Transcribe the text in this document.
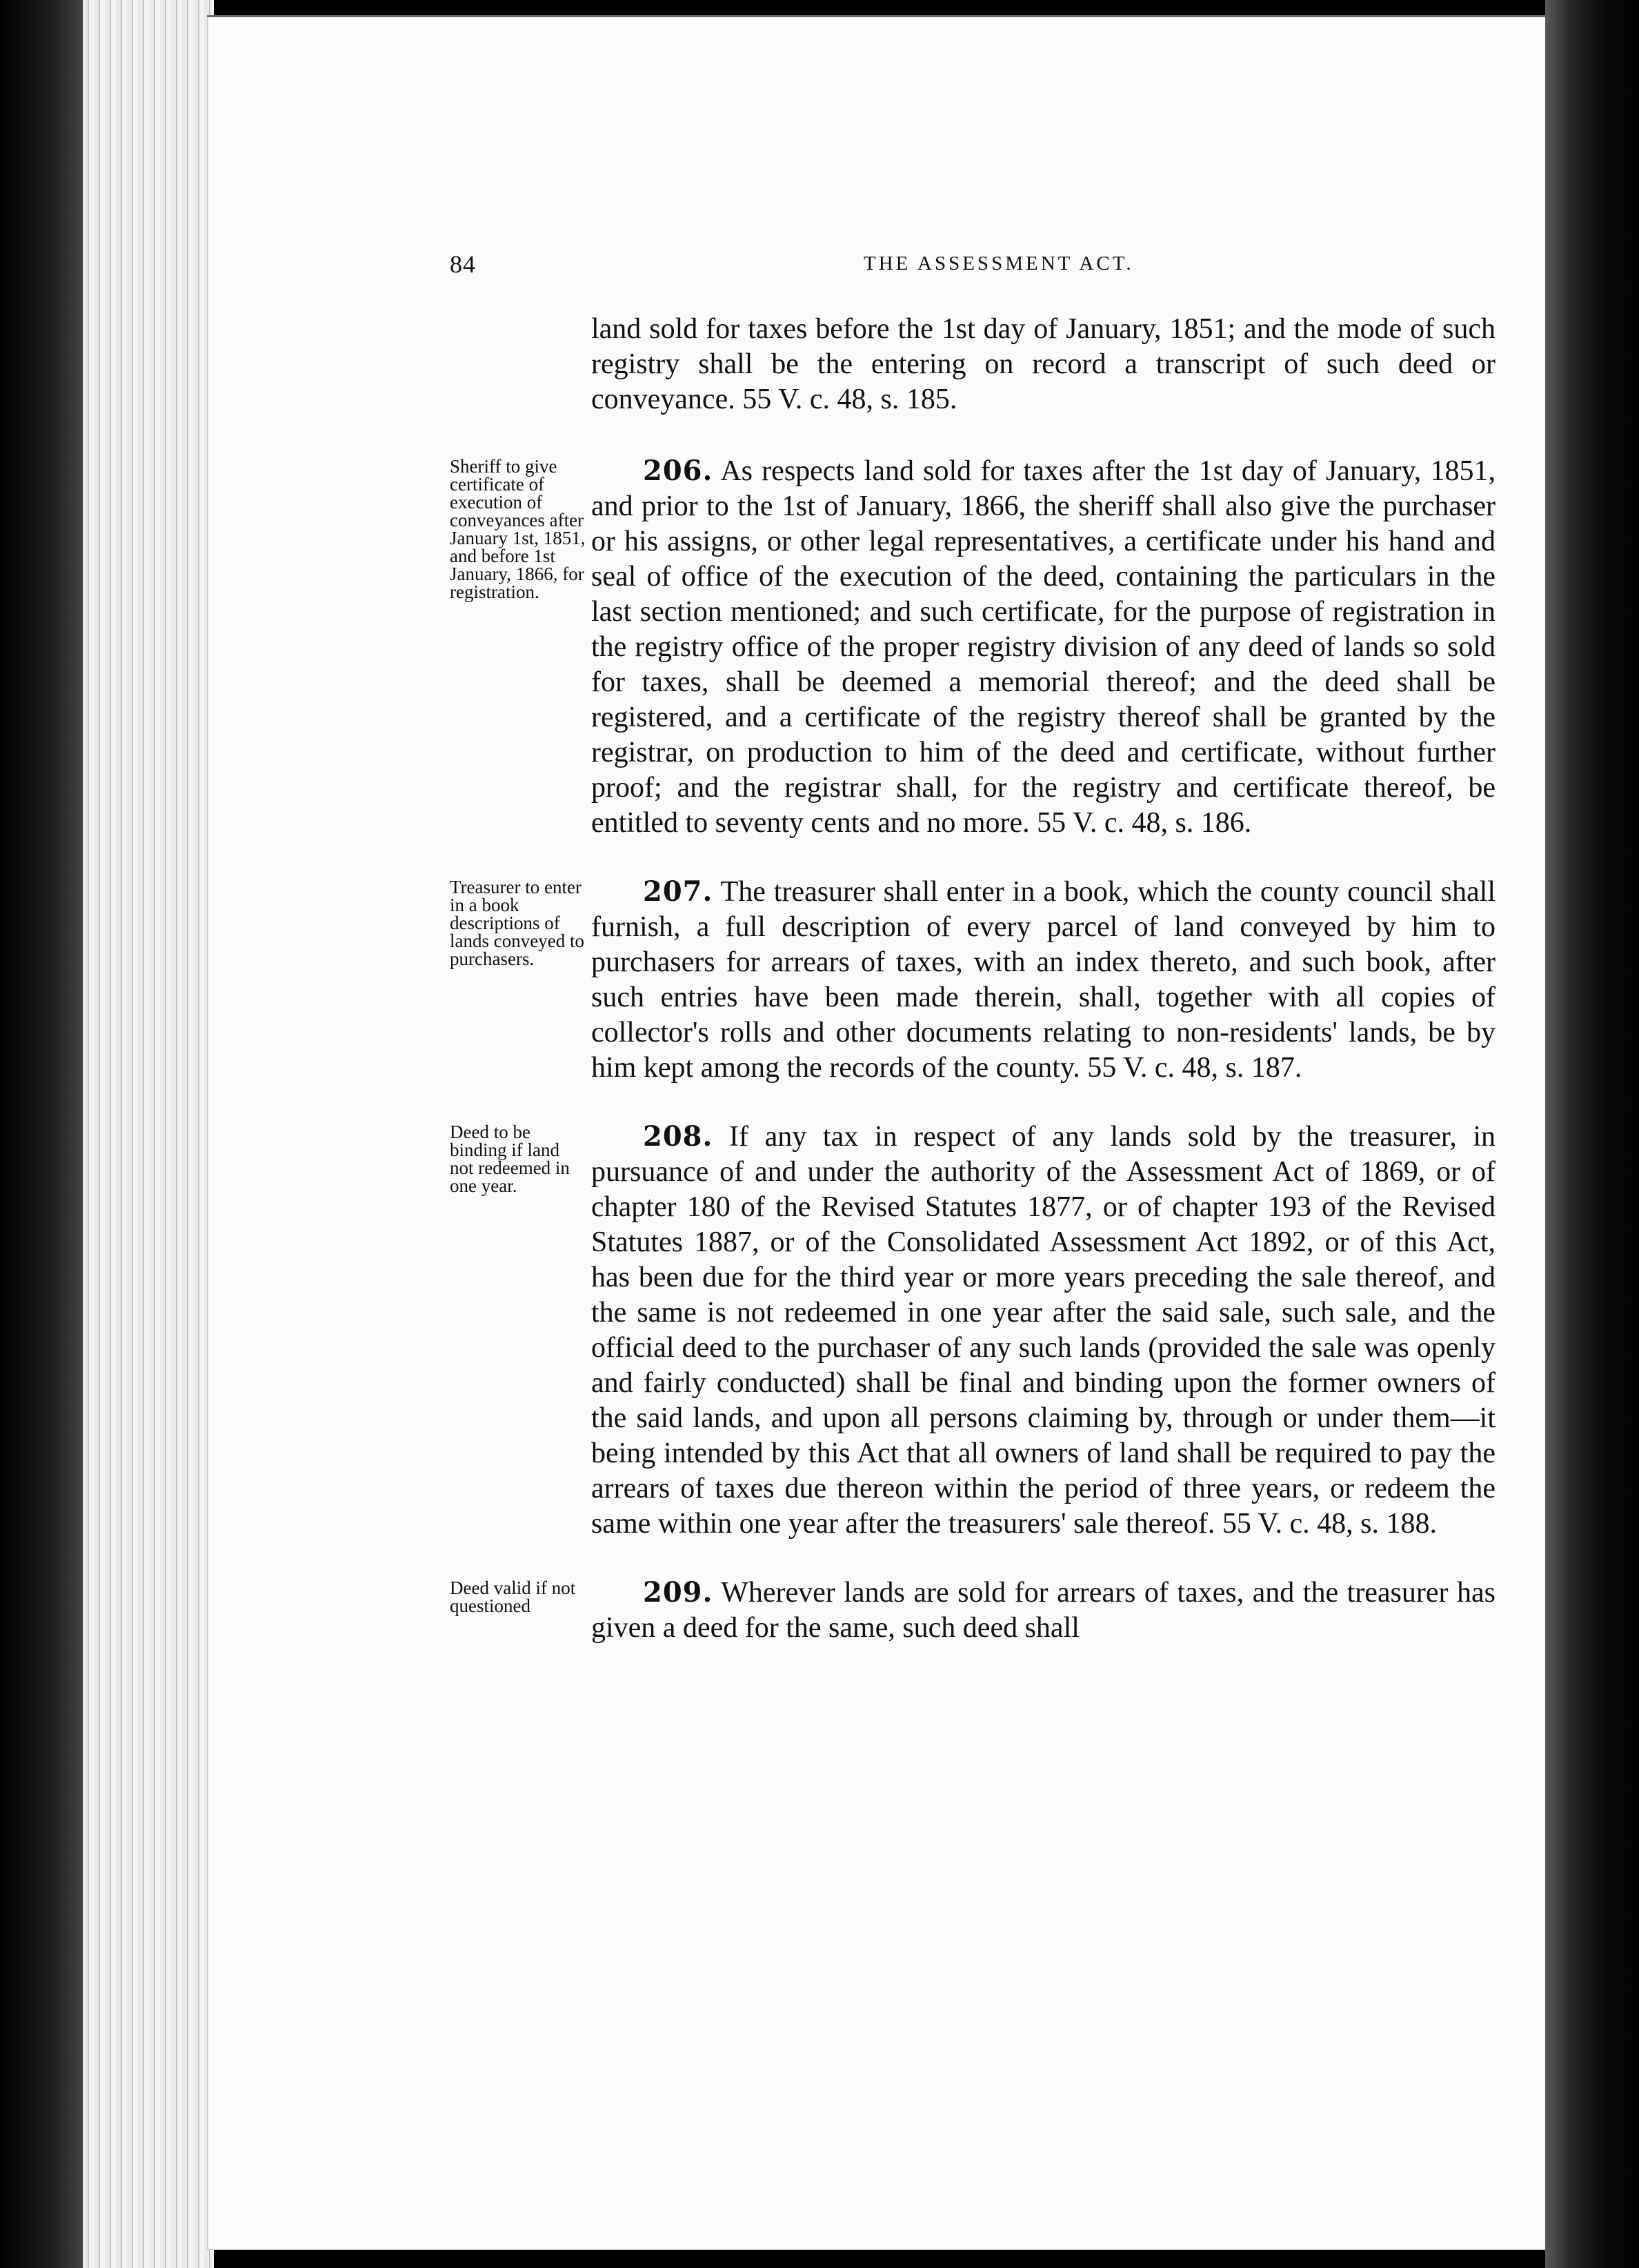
84	THE ASSESSMENT ACT.
land sold for taxes before the 1st day of January, 1851; and the mode of such registry shall be the entering on record a transcript of such deed or conveyance. 55 V. c. 48, s. 185.
Sheriff to give certificate of execution of conveyances after January 1st, 1851, and before 1st January, 1866, for registration.
206. As respects land sold for taxes after the 1st day of January, 1851, and prior to the 1st of January, 1866, the sheriff shall also give the purchaser or his assigns, or other legal representatives, a certificate under his hand and seal of office of the execution of the deed, containing the particulars in the last section mentioned; and such certificate, for the purpose of registration in the registry office of the proper registry division of any deed of lands so sold for taxes, shall be deemed a memorial thereof; and the deed shall be registered, and a certificate of the registry thereof shall be granted by the registrar, on production to him of the deed and certificate, without further proof; and the registrar shall, for the registry and certificate thereof, be entitled to seventy cents and no more. 55 V. c. 48, s. 186.
Treasurer to enter in a book descriptions of lands conveyed to purchasers.
207. The treasurer shall enter in a book, which the county council shall furnish, a full description of every parcel of land conveyed by him to purchasers for arrears of taxes, with an index thereto, and such book, after such entries have been made therein, shall, together with all copies of collector's rolls and other documents relating to non-residents' lands, be by him kept among the records of the county. 55 V. c. 48, s. 187.
Deed to be binding if land not redeemed in one year.
208. If any tax in respect of any lands sold by the treasurer, in pursuance of and under the authority of the Assessment Act of 1869, or of chapter 180 of the Revised Statutes 1877, or of chapter 193 of the Revised Statutes 1887, or of the Consolidated Assessment Act 1892, or of this Act, has been due for the third year or more years preceding the sale thereof, and the same is not redeemed in one year after the said sale, such sale, and the official deed to the purchaser of any such lands (provided the sale was openly and fairly conducted) shall be final and binding upon the former owners of the said lands, and upon all persons claiming by, through or under them—it being intended by this Act that all owners of land shall be required to pay the arrears of taxes due thereon within the period of three years, or redeem the same within one year after the treasurers' sale thereof. 55 V. c. 48, s. 188.
Deed valid if not questioned	209. Wherever lands are sold for arrears of taxes, and the treasurer has given a deed for the same, such deed shall
